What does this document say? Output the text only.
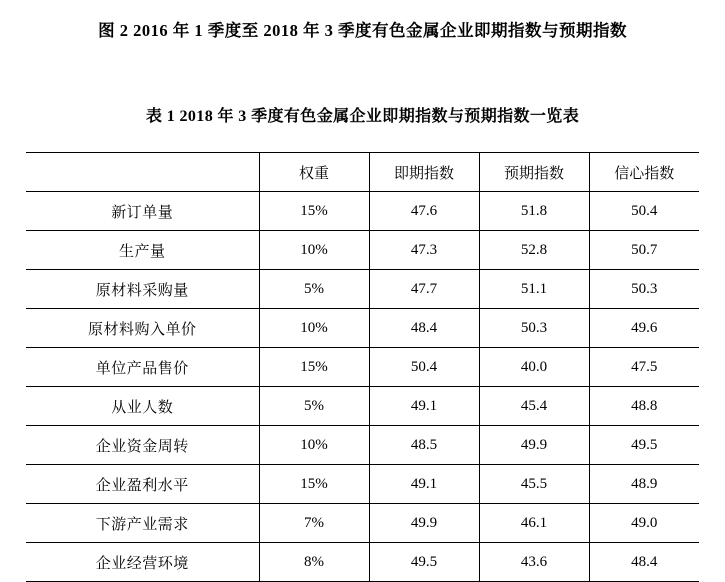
图 2 2016 年 1 季度至 2018 年 3 季度有色金属企业即期指数与预期指数
表 1 2018 年 3 季度有色金属企业即期指数与预期指数一览表
	权重	即期指数	预期指数	信心指数
新订单量	15%	47.6	51.8	50.4
生产量	10%	47.3	52.8	50.7
原材料采购量	5%	47.7	51.1	50.3
原材料购入单价	10%	48.4	50.3	49.6
单位产品售价	15%	50.4	40.0	47.5
从业人数	5%	49.1	45.4	48.8
企业资金周转	10%	48.5	49.9	49.5
企业盈利水平	15%	49.1	45.5	48.9
下游产业需求	7%	49.9	46.1	49.0
企业经营环境	8%	49.5	43.6	48.4
